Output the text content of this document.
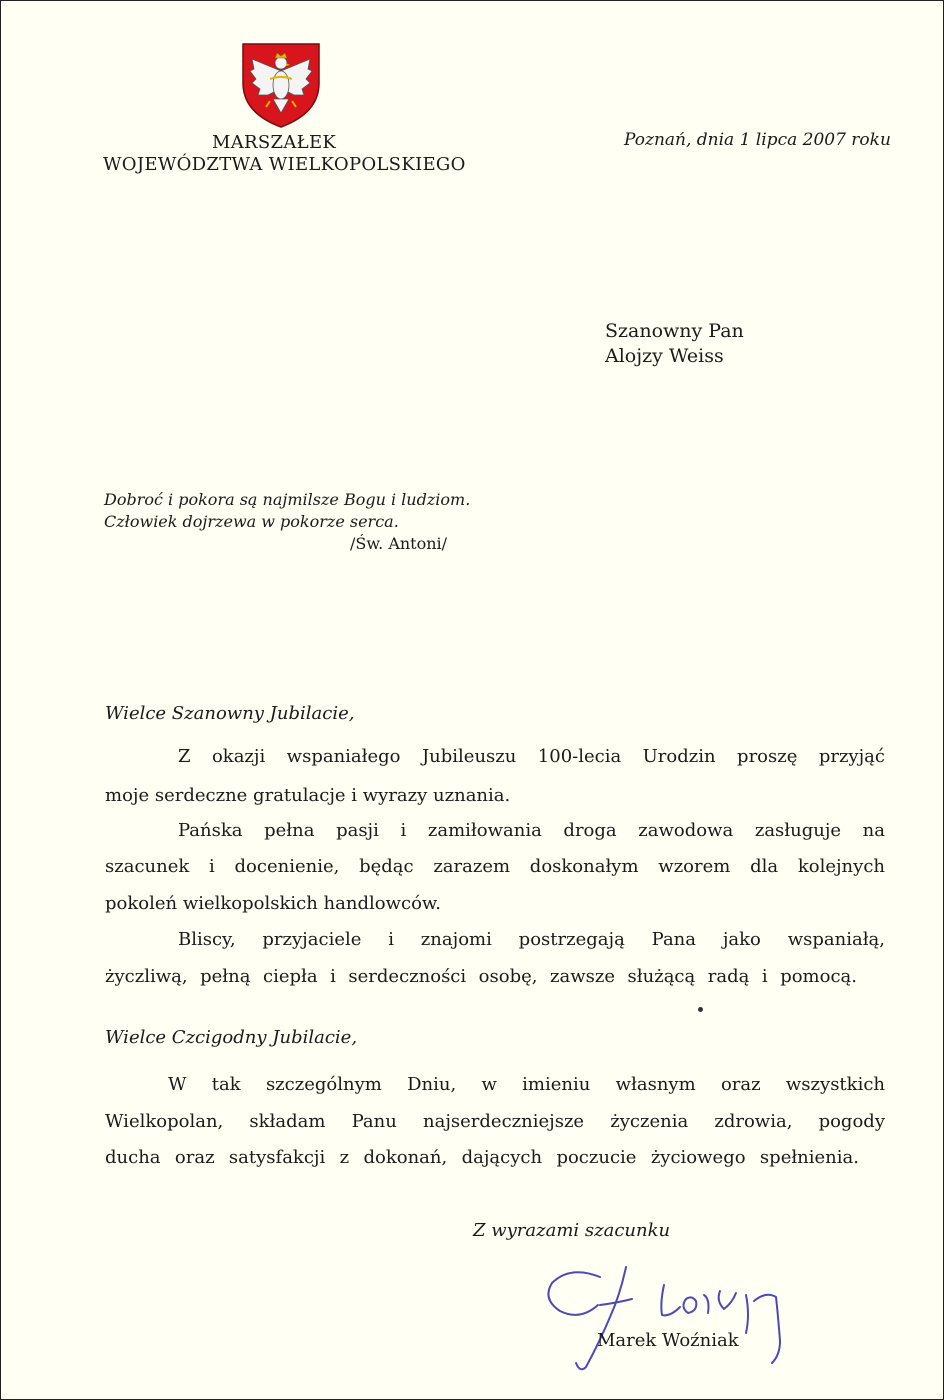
MARSZAŁEK
WOJEWÓDZTWA WIELKOPOLSKIEGO
Poznań, dnia 1 lipca 2007 roku
Szanowny Pan
Alojzy Weiss
Dobroć i pokora są najmilsze Bogu i ludziom.
Człowiek dojrzewa w pokorze serca.
/Św. Antoni/
Wielce Szanowny Jubilacie,
Z okazji wspaniałego Jubileuszu 100-lecia Urodzin proszę przyjąć
moje serdeczne gratulacje i wyrazy uznania.
Pańska pełna pasji i zamiłowania droga zawodowa zasługuje na
szacunek i docenienie, będąc zarazem doskonałym wzorem dla kolejnych
pokoleń wielkopolskich handlowców.
Bliscy, przyjaciele i znajomi postrzegają Pana jako wspaniałą,
życzliwą, pełną ciepła i serdeczności osobę, zawsze służącą radą i pomocą.
Wielce Czcigodny Jubilacie,
W tak szczególnym Dniu, w imieniu własnym oraz wszystkich
Wielkopolan, składam Panu najserdeczniejsze życzenia zdrowia, pogody
ducha oraz satysfakcji z dokonań, dających poczucie życiowego spełnienia.
Z wyrazami szacunku
Marek Woźniak
